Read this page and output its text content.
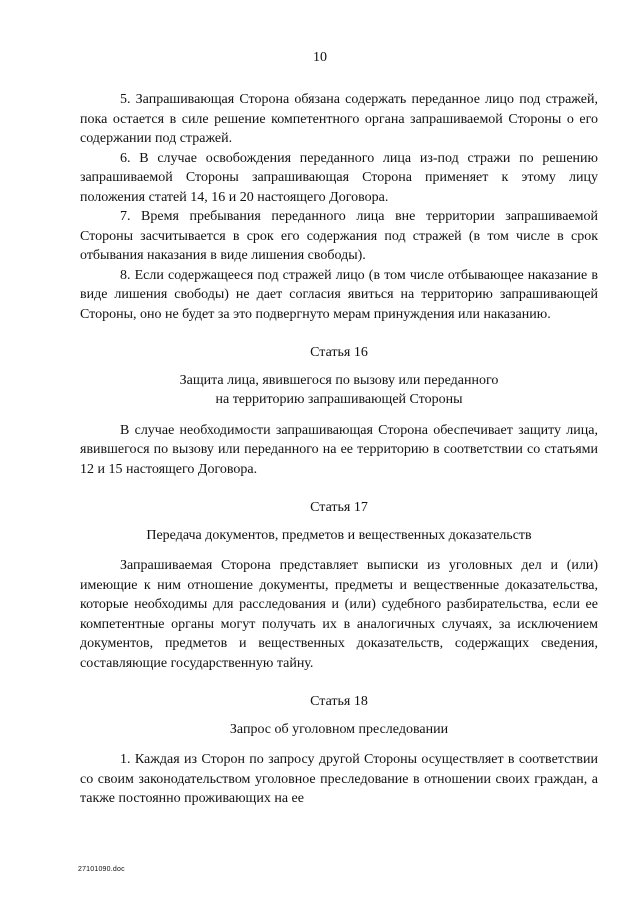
10

5. Запрашивающая Сторона обязана содержать переданное лицо под стражей, пока остается в силе решение компетентного органа запрашиваемой Стороны о его содержании под стражей.

6. В случае освобождения переданного лица из-под стражи по решению запрашиваемой Стороны запрашивающая Сторона применяет к этому лицу положения статей 14, 16 и 20 настоящего Договора.

7. Время пребывания переданного лица вне территории запрашиваемой Стороны засчитывается в срок его содержания под стражей (в том числе в срок отбывания наказания в виде лишения свободы).

8. Если содержащееся под стражей лицо (в том числе отбывающее наказание в виде лишения свободы) не дает согласия явиться на территорию запрашивающей Стороны, оно не будет за это подвергнуто мерам принуждения или наказанию.

Статья 16

Защита лица, явившегося по вызову или переданного

на территорию запрашивающей Стороны

В случае необходимости запрашивающая Сторона обеспечивает защиту лица, явившегося по вызову или переданного на ее территорию в соответствии со статьями 12 и 15 настоящего Договора.

Статья 17

Передача документов, предметов и вещественных доказательств

Запрашиваемая Сторона представляет выписки из уголовных дел и (или) имеющие к ним отношение документы, предметы и вещественные доказательства, которые необходимы для расследования и (или) судебного разбирательства, если ее компетентные органы могут получать их в аналогичных случаях, за исключением документов, предметов и вещественных доказательств, содержащих сведения, составляющие государственную тайну.

Статья 18

Запрос об уголовном преследовании

1. Каждая из Сторон по запросу другой Стороны осуществляет в соответствии со своим законодательством уголовное преследование в отношении своих граждан, а также постоянно проживающих на ее

27101090.doc
